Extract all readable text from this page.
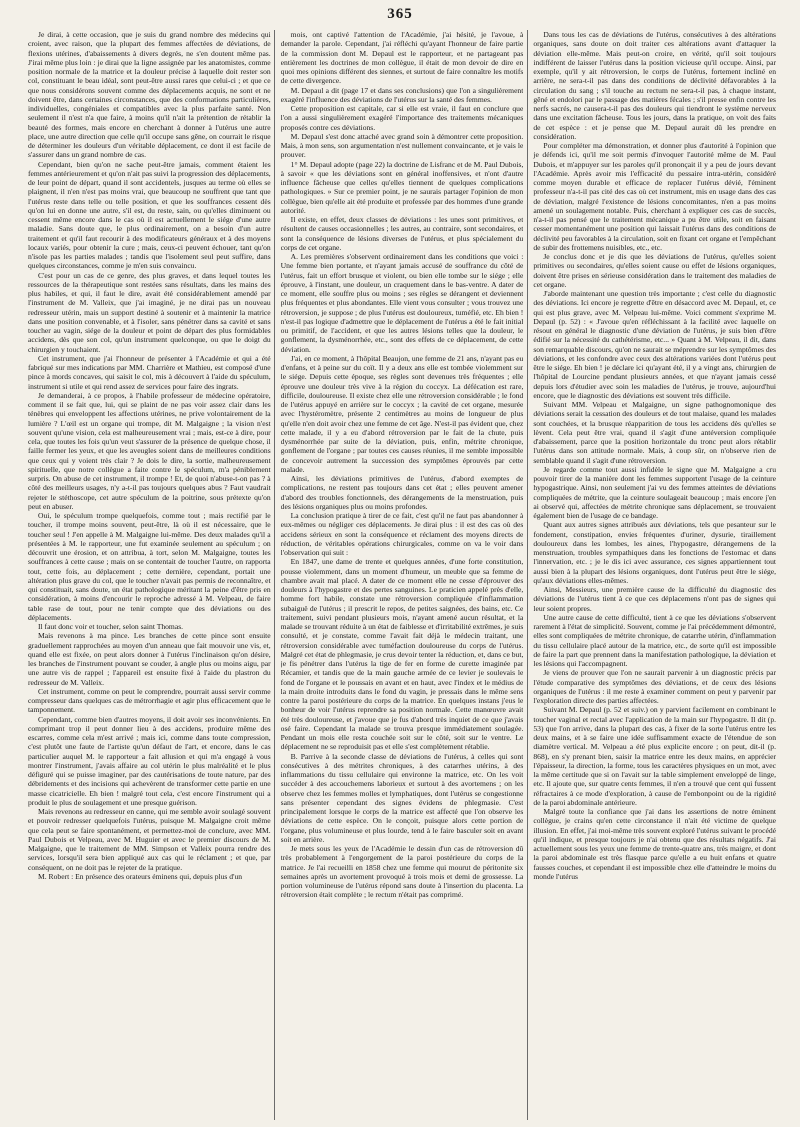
365

Je dirai, à cette occasion, que je suis du grand nombre des médecins qui croient, avec raison, que la plupart des femmes affectées de déviations, de flexions utérines, d'abaissements à divers degrés, ne s'en doutent même pas. J'irai même plus loin : je dirai que la ligne assignée par les anatomistes, comme position normale de la matrice et la douleur précise à laquelle doit rester son col, constituant le beau idéal, sont peut-être aussi rares que celui-ci ; et que ce que nous considérons souvent comme des déplacements acquis, ne sont et ne doivent être, dans certaines circonstances, que des conformations particulières, individuelles, congéniales et compatibles avec la plus parfaite santé. Non seulement il n'est n'a que faire, à moins qu'il n'ait la prétention de rétablir la beauté des formes, mais encore en cherchant à donner à l'utérus une autre place, une autre direction que celle qu'il occupe sans gêne, on courrait le risque de déterminer les douleurs d'un véritable déplacement, ce dont il est facile de s'assurer dans un grand nombre de cas.

Cependant, bien qu'on ne sache peut-être jamais, comment étaient les femmes antérieurement et qu'on n'ait pas suivi la progression des déplacements, de leur point de départ, quand il sont accidentels, jusques au terme où elles se plaignent, il n'en n'est pas moins vrai, que beaucoup ne souffrent que tant que l'utérus reste dans telle ou telle position, et que les souffrances cessent dès qu'on lui en donne une autre, s'il est, du reste, sain, ou qu'elles diminuent ou cessent même encore dans le cas où il est actuellement le siége d'une autre maladie. Sans doute que, le plus ordinairement, on a besoin d'un autre traitement et qu'il faut recourir à des modificateurs généraux et à des moyens locaux variés, pour obtenir la cure ; mais, ceux-ci peuvent échouer, tant qu'on n'isole pas les parties malades ; tandis que l'isolement seul peut suffire, dans quelques circonstances, comme je m'en suis convaincu.

C'est pour un cas de ce genre, des plus graves, et dans lequel toutes les ressources de la thérapeutique sont restées sans résultats, dans les mains des plus habiles, et qui, il faut le dire, avait été considérablement amendé par l'instrument de M. Valleix, que j'ai imaginé, je ne dirai pas un nouveau redresseur utérin, mais un support destiné à soutenir et à maintenir la matrice dans une position convenable, et à l'isoler, sans pénétrer dans sa cavité et sans toucher au vagin, siége de la douleur et point de départ des plus formidables accidens, dès que son col, qu'un instrument quelconque, ou que le doigt du chirurgien y touchaient.

Cet instrument, que j'ai l'honneur de présenter à l'Académie et qui a été fabriqué sur mes indications par MM. Charrière et Mathieu, est composé d'une pince à mords concaves, qui saisit le col, mis à découvert à l'aide du spéculum, instrument si utile et qui rend assez de services pour faire des ingrats.

Je demanderai, à ce propos, à l'habile professeur de médecine opératoire, comment il se fait que, lui, qui se plaint de ne pas voir assez clair dans les ténèbres qui enveloppent les affections utérines, ne prive volontairement de la lumière ? L'œil est un organe qui trompe, dit M. Malgaigne ; la vision n'est souvent qu'une vision, cela est malheureusement vrai ; mais, est-ce à dire, pour cela, que toutes les fois qu'un veut s'assurer de la présence de quelque chose, il faille fermer les yeux, et que les aveugles soient dans de meilleures conditions que ceux qui y voient très clair ? Je dois le dire, la sortie, malheureusement spirituelle, que notre collègue a faite contre le spéculum, m'a péniblement surpris. On abuse de cet instrument, il trompe ! Et, de quoi n'abuse-t-on pas ? à côté des meilleurs usages, n'y a-t-il pas toujours quelques abus ? Faut vaudrait rejeter le stéthoscope, cet autre spéculum de la poitrine, sous prétexte qu'on peut en abuser.

Oui, le spéculum trompe quelquefois, comme tout ; mais rectifié par le toucher, il trompe moins souvent, peut-être, là où il est nécessaire, que le toucher seul ! J'en appelle à M. Malgaigne lui-même. Des deux malades qu'il a présentées à M. le rapporteur, une fut examinée seulement au spéculum ; on découvrit une érosion, et on attribua, à tort, selon M. Malgaigne, toutes les souffrances à cette cause ; mais on se contentait de toucher l'autre, on rapporta tout, cette fois, au déplacement ; cette dernière, cependant, portait une altération plus grave du col, que le toucher n'avait pas permis de reconnaître, et qui constituait, sans doute, un état pathologique méritant la peine d'être pris en considération, à moins d'encourir le reproche adressé à M. Velpeau, de faire table rase de tout, pour ne tenir compte que des déviations ou des déplacements.

Il faut donc voir et toucher, selon saint Thomas.

Mais revenons à ma pince. Les branches de cette pince sont ensuite graduellement rapprochées au moyen d'un anneau que fait mouvoir une vis, et, quand elle est fixée, on peut alors donner à l'utérus l'inclinaison qu'on désire, les branches de l'instrument pouvant se couder, à angle plus ou moins aigu, par une autre vis de rappel ; l'appareil est ensuite fixé à l'aide du plastron du redresseur de M. Valleix.

Cet instrument, comme on peut le comprendre, pourrait aussi servir comme compresseur dans quelques cas de métrorrhagie et agir plus efficacement que le tamponnement.

Cependant, comme bien d'autres moyens, il doit avoir ses inconvénients. En comprimant trop il peut donner lieu à des accidens, produire même des escarres, comme cela m'est arrivé ; mais ici, comme dans toute compression, c'est plutôt une faute de l'artiste qu'un défaut de l'art, et encore, dans le cas particulier auquel M. le rapporteur a fait allusion et qui m'a engagé à vous montrer l'instrument, j'avais affaire au col utérin le plus malréalité et le plus défiguré qui se puisse imaginer, par des cautérisations de toute nature, par des débridements et des incisions qui achevèrent de transformer cette partie en une masse cicatricielle. Eh bien ! malgré tout cela, c'est encore l'instrument qui a produit le plus de soulagement et une presque guérison.

Mais revenons au redresseur en canne, qui me semble avoir soulagé souvent et pouvoir redresser quelquefois l'utérus, puisque M. Malgaigne croit même que cela peut se faire spontanément, et permettez-moi de conclure, avec MM. Paul Dubois et Velpeau, avec M. Huguier et avec le premier discours de M. Malgaigne, que le traitement de MM. Simpson et Valleix pourra rendre des services, lorsqu'il sera bien appliqué aux cas qui le réclament ; et que, par conséquent, on ne doit pas le rejeter de la pratique.

M. Robert : En présence des orateurs éminens qui, depuis plus d'un

mois, ont captivé l'attention de l'Académie, j'ai hésité, je l'avoue, à demander la parole. Cependant, j'ai réfléchi qu'ayant l'honneur de faire partie de la commission dont M. Depaul est le rapporteur, et ne partageant pas entièrement les doctrines de mon collègue, il était de mon devoir de dire en quoi mes opinions différent des siennes, et surtout de faire connaître les motifs de cette divergence.

M. Depaul a dit (page 17 et dans ses conclusions) que l'on a singulièrement exagéré l'influence des déviations de l'utérus sur la santé des femmes.

Cette proposition est capitale, car si elle est vraie, il faut en conclure que l'on a aussi singulièrement exagéré l'importance des traitements mécaniques proposés contre ces déviations.

M. Depaul s'est donc attaché avec grand soin à démontrer cette proposition. Mais, à mon sens, son argumentation n'est nullement convaincante, et je vais le prouver.

1° M. Depaul adopte (page 22) la doctrine de Lisfranc et de M. Paul Dubois, à savoir « que les déviations sont en général inoffensives, et n'ont d'autre influence fâcheuse que celles qu'elles tiennent de quelques complications pathologiques. » Sur ce premier point, je ne saurais partager l'opinion de mon collègue, bien qu'elle ait été produite et professée par des hommes d'une grande autorité.

Il existe, en effet, deux classes de déviations : les unes sont primitives, et résultent de causes occasionnelles ; les autres, au contraire, sont secondaires, et sont la conséquence de lésions diverses de l'utérus, et plus spécialement du corps de cet organe.

A. Les premières s'observent ordinairement dans les conditions que voici : Une femme bien portante, et n'ayant jamais accusé de souffrance du côté de l'utérus, fait un effort brusque et violent, ou bien elle tombe sur le siége ; elle éprouve, à l'instant, une douleur, un craquement dans le bas-ventre. A dater de ce moment, elle souffre plus ou moins ; ses règles se dérangent et deviennent plus fréquentes et plus abondantes. Elle vient vous consulter ; vous trouvez une rétroversion, je suppose ; de plus l'utérus est douloureux, tuméfié, etc. Eh bien ! n'est-il pas logique d'admettre que le déplacement de l'utérus a été le fait initial ou primitif, de l'accident, et que les autres lésions telles que la douleur, le gonflement, la dysménorrhée, etc., sont des effets de ce déplacement, de cette déviation.

J'ai, en ce moment, à l'hôpital Beaujon, une femme de 21 ans, n'ayant pas eu d'enfans, et à peine sur du coït. Il y a deux ans elle est tombée violemment sur le siége. Depuis cette époque, ses règles sont devenues très fréquentes ; elle éprouve une douleur très vive à la région du coccyx. La défécation est rare, difficile, douloureuse. Il existe chez elle une rétroversion considérable ; le fond de l'utérus appuyé en arrière sur le coccyx ; la cavité de cet organe, mesurée avec l'hystéromètre, présente 2 centimètres au moins de longueur de plus qu'elle n'en doit avoir chez une femme de cet âge. N'est-il pas évident que, chez cette malade, il y a eu d'abord rétroversion par le fait de la chute, puis dysménorrhée par suite de la déviation, puis, enfin, métrite chronique, gonflement de l'organe ; par toutes ces causes réunies, il me semble impossible de concevoir autrement la succession des symptômes éprouvés par cette malade.

Ainsi, les déviations primitives de l'utérus, d'abord exemptes de complications, ne restent pas toujours dans cet état ; elles peuvent amener d'abord des troubles fonctionnels, des dérangements de la menstruation, puis des lésions organiques plus ou moins profondes.

La conclusion pratique à tirer de ce fait, c'est qu'il ne faut pas abandonner à eux-mêmes ou négliger ces déplacements. Je dirai plus : il est des cas où des accidens sérieux en sont la conséquence et réclament des moyens directs de réduction, de véritables opérations chirurgicales, comme on va le voir dans l'observation qui suit :

En 1847, une dame de trente et quelques années, d'une forte constitution, pousse violemment, dans un moment d'humeur, un meuble que sa femme de chambre avait mal placé. A dater de ce moment elle ne cesse d'éprouver des douleurs à l'hypogastre et des pertes sanguines. Le praticien appelé près d'elle, homme fort habile, constate une rétroversion compliquée d'inflammation subaiguë de l'utérus ; il prescrit le repos, de petites saignées, des bains, etc. Ce traitement, suivi pendant plusieurs mois, n'ayant amené aucun résultat, et la malade se trouvant réduite à un état de faiblesse et d'irritabilité extrêmes, je suis consulté, et je constate, comme l'avait fait déjà le médecin traitant, une rétroversion considérable avec tuméfaction douloureuse du corps de l'utérus. Malgré cet état de phlegmasie, je crus devoir tenter la réduction, et, dans ce but, je fis pénétrer dans l'utérus la tige de fer en forme de curette imaginée par Récamier, et tandis que de la main gauche armée de ce levier je soulevais le fond de l'organe et le poussais en avant et en haut, avec l'index et le médius de la main droite introduits dans le fond du vagin, je pressais dans le même sens contre la paroi postérieure du corps de la matrice. En quelques instans j'eus le bonheur de voir l'utérus reprendre sa position normale. Cette manœuvre avait été très douloureuse, et j'avoue que je fus d'abord très inquiet de ce que j'avais osé faire. Cependant la malade se trouva presque immédiatement soulagée. Pendant un mois elle resta couchée soit sur le côté, soit sur le ventre. Le déplacement ne se reproduisit pas et elle s'est complètement rétablie.

B. Parrive à la seconde classe de déviations de l'utérus, à celles qui sont consécutives à des métrites chroniques, à des catarrhes utérins, à des inflammations du tissu cellulaire qui environne la matrice, etc. On les voit succéder à des accouchemens laborieux et surtout à des avortemens ; on les observe chez les femmes molles et lymphatiques, dont l'utérus se congestionne sans présenter cependant des signes évidens de phlegmasie. C'est principalement lorsque le corps de la matrice est affecté que l'on observe les déviations de cette espèce. On le conçoit, puisque alors cette portion de l'organe, plus volumineuse et plus lourde, tend à le faire basculer soit en avant soit en arrière.

Je mets sous les yeux de l'Académie le dessin d'un cas de rétroversion dû très probablement à l'engorgement de la paroi postérieure du corps de la matrice. Je l'ai recueilli en 1858 chez une femme qui mourut de péritonite six semaines après un avortement provoqué à trois mois et demi de grossesse. La portion volumineuse de l'utérus répond sans doute à l'insertion du placenta. La rétroversion était complète ; le rectum n'était pas comprimé.

Dans tous les cas de déviations de l'utérus, consécutives à des altérations organiques, sans doute on doit traiter ces altérations avant d'attaquer la déviation elle-même. Mais peut-on croire, en vérité, qu'il soit toujours indifférent de laisser l'utérus dans la position vicieuse qu'il occupe. Ainsi, par exemple, qu'il y ait rétroversion, le corps de l'utérus, fortement incliné en arrière, ne sera-t-il pas dans des conditions de déclivité défavorables à la circulation du sang ; s'il touche au rectum ne sera-t-il pas, à chaque instant, gêné et endolori par le passage des matières fécales ; s'il presse enfin contre les nerfs sacrés, ne causera-t-il pas des douleurs qui tiendront le système nerveux dans une excitation fâcheuse. Tous les jours, dans la pratique, on voit des faits de cet espèce : et je pense que M. Depaul aurait dû les prendre en considération.

Pour compléter ma démonstration, et donner plus d'autorité à l'opinion que je défends ici, qu'il me soit permis d'invoquer l'autorité même de M. Paul Dubois, et m'appuyer sur les paroles qu'il prononçait il y a peu de jours devant l'Académie. Après avoir mis l'efficacité du pessaire intra-utérin, considéré comme moyen durable et efficace de replacer l'utérus dévié, l'éminent professeur n'a-t-il pas cité des cas où cet instrument, mis en usage dans des cas de déviation, malgré l'existence de lésions concomitantes, n'en a pas moins amené un soulagement notable. Puis, cherchant à expliquer ces cas de succès, n'a-t-il pas pensé que le traitement mécanique a pu être utile, soit en faisant cesser momentanément une position qui laissait l'utérus dans des conditions de déclivité peu favorables à la circulation, soit en fixant cet organe et l'empêchant de subir des frottemens nuisibles, etc., etc.

Je conclus donc et je dis que les déviations de l'utérus, qu'elles soient primitives ou secondaires, qu'elles soient cause ou effet de lésions organiques, doivent être prises en sérieuse considération dans le traitement des maladies de cet organe.

J'aborde maintenant une question très importante ; c'est celle du diagnostic des déviations. Ici encore je regrette d'être en désaccord avec M. Depaul, et, ce qui est plus grave, avec M. Velpeau lui-même. Voici comment s'exprime M. Depaul (p. 52) : « J'avoue qu'en réfléchissant à la facilité avec laquelle on résout en général le diagnostic d'une déviation de l'utérus, je suis bien d'être édifié sur la nécessité du cathétérisme, etc... » Quant à M. Velpeau, il dit, dans son remarquable discours, qu'on ne saurait se méprendre sur les symptômes des déviations, et les confondre avec ceux des altérations variées dont l'utérus peut être le siége. Eh bien ! je déclare ici qu'ayant été, il y a vingt ans, chirurgien de l'hôpital de Lourcine pendant plusieurs années, et que n'ayant jamais cessé depuis lors d'étudier avec soin les maladies de l'utérus, je trouve, aujourd'hui encore, que le diagnostic des déviations est souvent très difficile.

Suivant MM. Velpeau et Malgaigne, un signe pathognomonique des déviations serait la cessation des douleurs et de tout malaise, quand les malades sont couchées, et la brusque réapparition de tous les accidens dès qu'elles se lèvent. Cela peut être vrai, quand il s'agit d'une antéversion compliquée d'abaissement, parce que la position horizontale du tronc peut alors rétablir l'utérus dans son attitude normale. Mais, à coup sûr, on n'observe rien de semblable quand il s'agit d'une rétroversion.

Je regarde comme tout aussi infidèle le signe que M. Malgaigne a cru pouvoir tirer de la manière dont les femmes supportent l'usage de la ceinture hypogastrique. Ainsi, non seulement j'ai vu des femmes atteintes de déviations compliquées de métrite, que la ceinture soulageait beaucoup ; mais encore j'en ai observé qui, affectées de métrite chronique sans déplacement, se trouvaient également bien de l'usage de ce bandage.

Quant aux autres signes attribués aux déviations, tels que pesanteur sur le fondement, constipation, envies fréquentes d'uriner, dysurie, tiraillement douloureux dans les lombes, les aines, l'hypogastre, dérangemens de la menstruation, troubles sympathiques dans les fonctions de l'estomac et dans l'innervation, etc. ; je le dis ici avec assurance, ces signes appartiennent tout aussi bien à la plupart des lésions organiques, dont l'utérus peut être le siége, qu'aux déviations elles-mêmes.

Ainsi, Messieurs, une première cause de la difficulté du diagnostic des déviations de l'utérus tient à ce que ces déplacemens n'ont pas de signes qui leur soient propres.

Une autre cause de cette difficulté, tient à ce que les déviations s'observent rarement à l'état de simplicité. Souvent, comme je l'ai précédemment démontré, elles sont compliquées de métrite chronique, de catarrhe utérin, d'inflammation du tissu cellulaire placé autour de la matrice, etc., de sorte qu'il est impossible de faire la part que prennent dans la manifestation pathologique, la déviation et les lésions qui l'accompagnent.

Je viens de prouver que l'on ne saurait parvenir à un diagnostic précis par l'étude comparative des symptômes des déviations, et de ceux des lésions organiques de l'utérus : il me reste à examiner comment on peut y parvenir par l'exploration directe des parties affectées.

Suivant M. Depaul (p. 52 et suiv.) on y parvient facilement en combinant le toucher vaginal et rectal avec l'application de la main sur l'hypogastre. Il dit (p. 53) que l'on arrive, dans la plupart des cas, à fixer de la sorte l'utérus entre les deux mains, et à se faire une idée suffisamment exacte de l'étendue de son diamètre vertical. M. Velpeau a été plus explicite encore ; on peut, dit-il (p. 868), en s'y prenant bien, saisir la matrice entre les deux mains, en apprécier l'épaisseur, la direction, la forme, tous les caractères physiques en un mot, avec la même certitude que si on l'avait sur la table simplement enveloppé de linge, etc. Il ajoute que, sur quatre cents femmes, il n'en a trouvé que cent qui fussent réfractaires à ce mode d'exploration, à cause de l'embonpoint ou de la rigidité de la paroi abdominale antérieure.

Malgré toute la confiance que j'ai dans les assertions de notre éminent collègue, je crains qu'en cette circonstance il n'ait été victime de quelque illusion. En effet, j'ai moi-même très souvent exploré l'utérus suivant le procédé qu'il indique, et presque toujours je n'ai obtenu que des résultats négatifs. J'ai actuellement sous les yeux une femme de trente-quatre ans, très maigre, et dont la paroi abdominale est très flasque parce qu'elle a eu huit enfans et quatre fausses couches, et cependant il est impossible chez elle d'atteindre le moins du monde l'utérus
